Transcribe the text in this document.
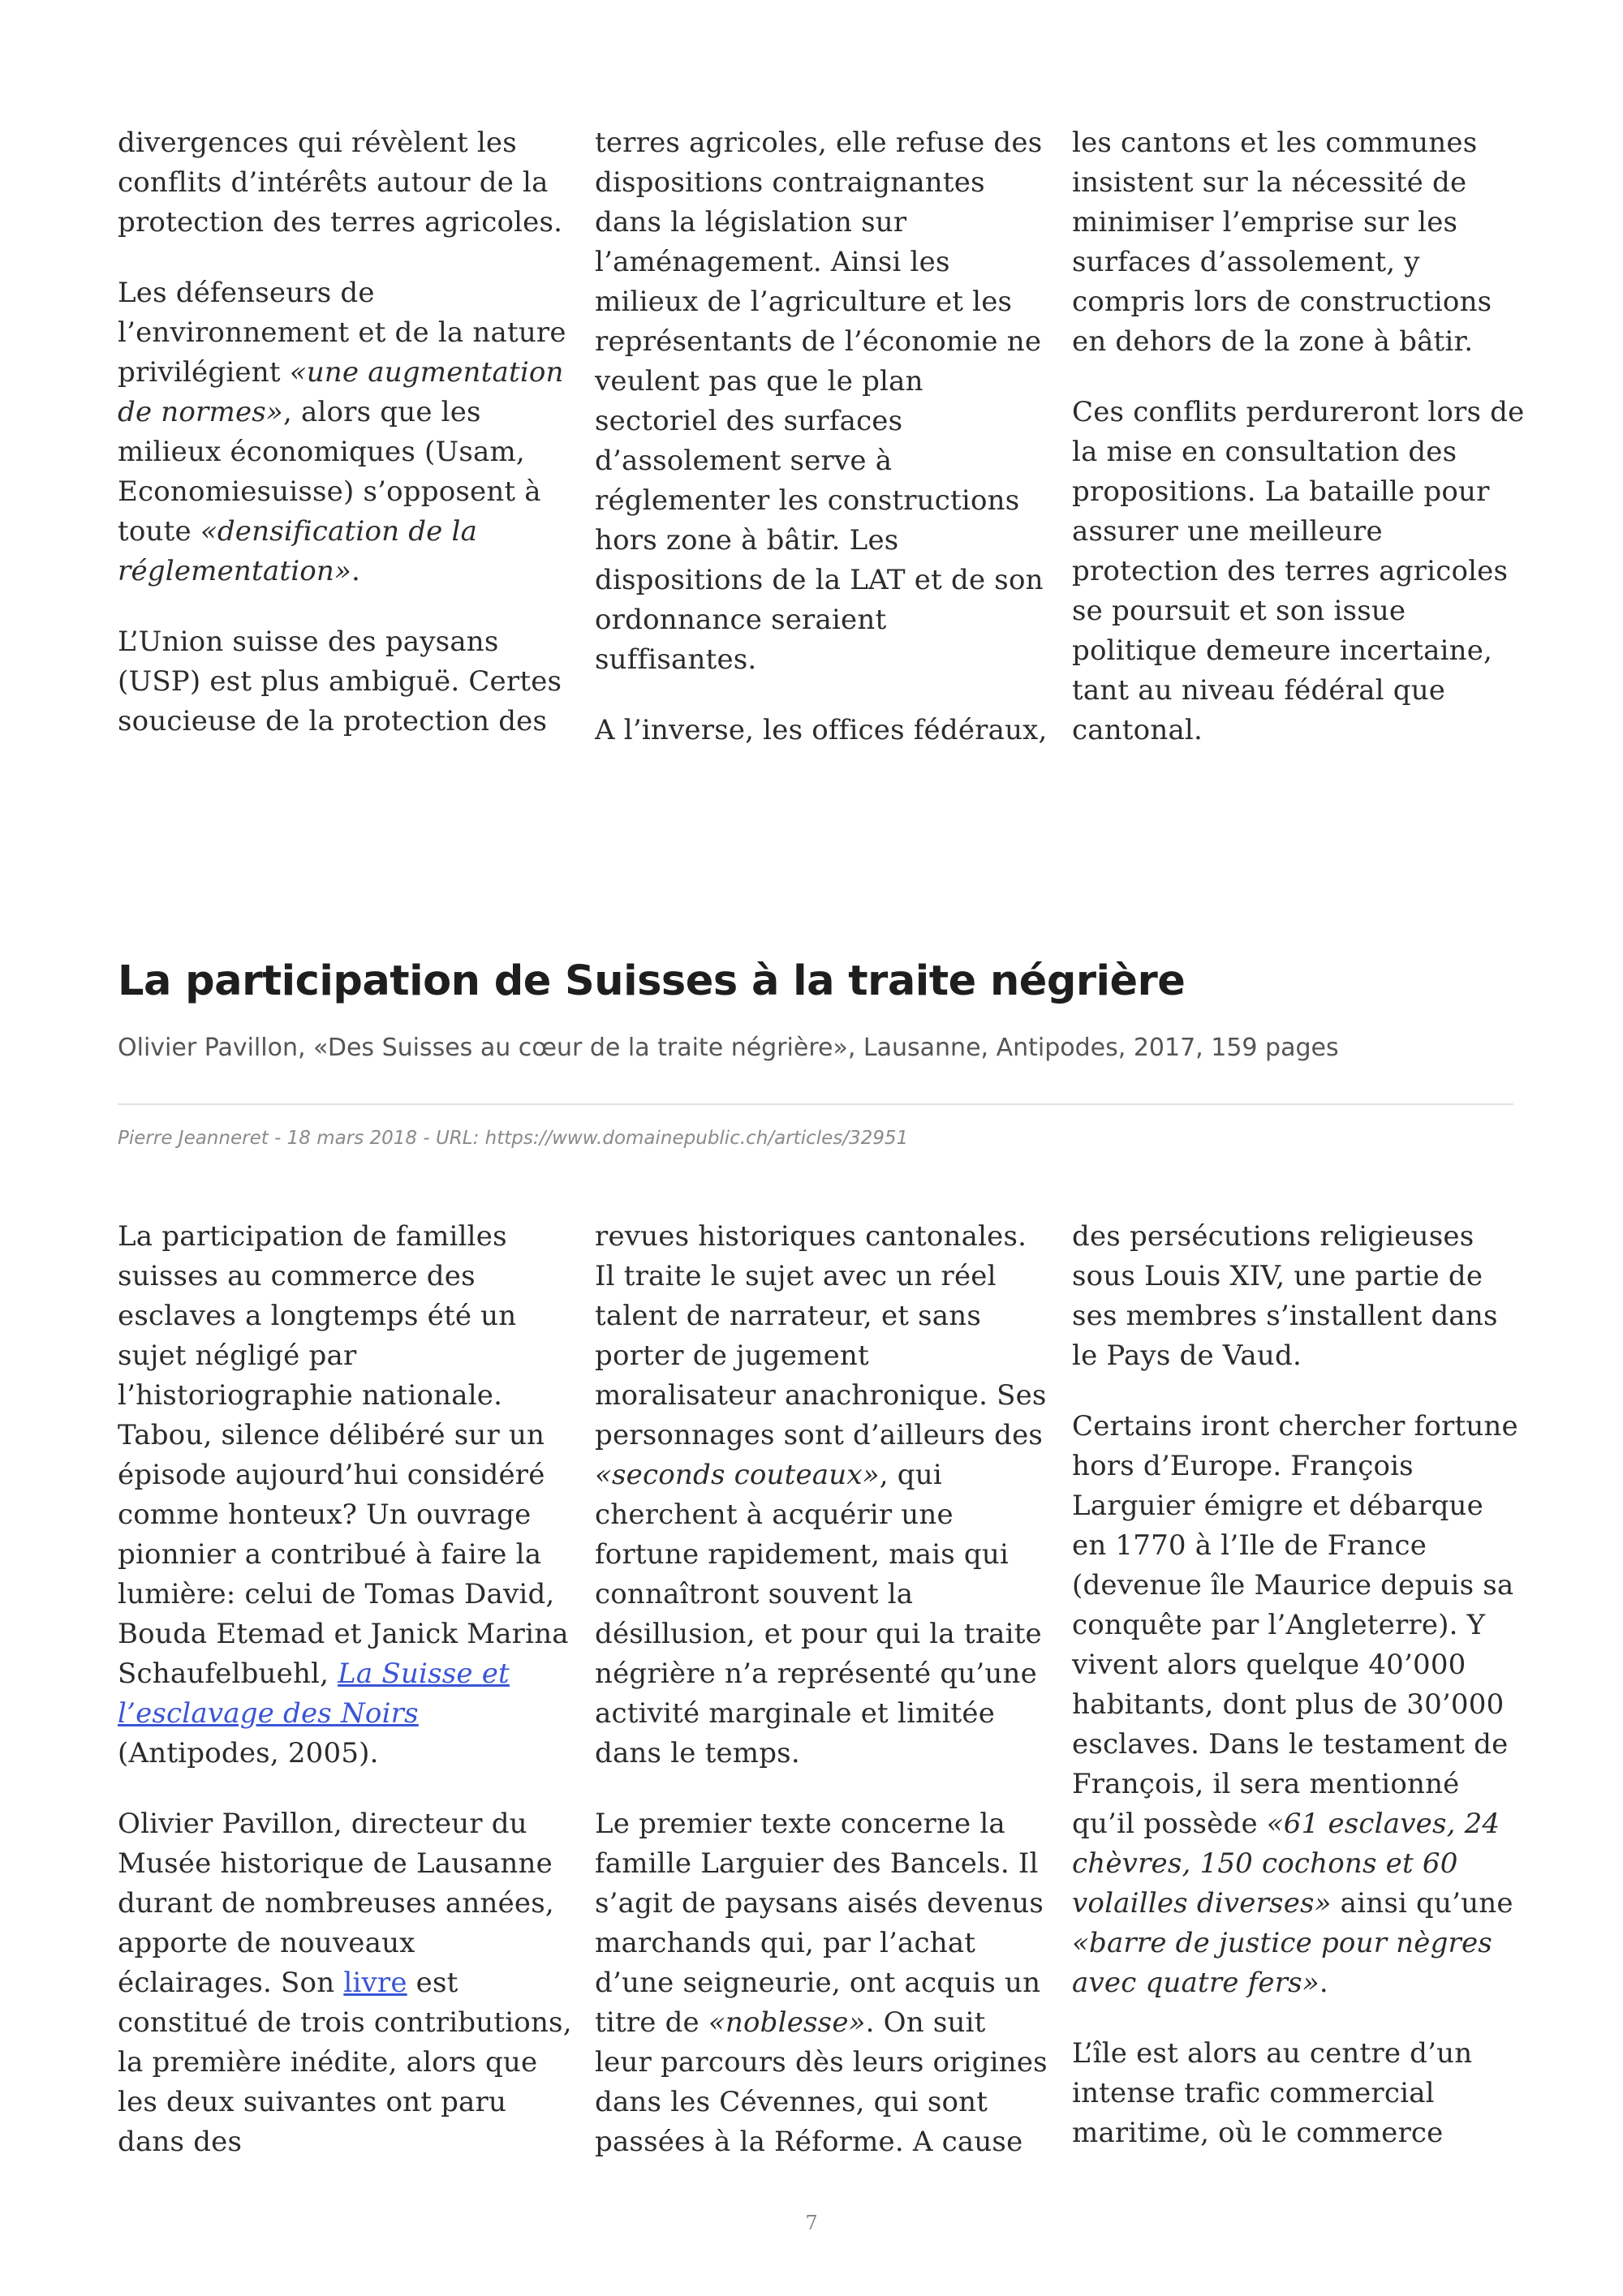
divergences qui révèlent les conflits d’intérêts autour de la protection des terres agricoles.

Les défenseurs de l’environnement et de la nature privilégient «une augmentation de normes», alors que les milieux économiques (Usam, Economiesuisse) s’opposent à toute «densification de la réglementation».

L’Union suisse des paysans (USP) est plus ambiguë. Certes soucieuse de la protection des

terres agricoles, elle refuse des dispositions contraignantes dans la législation sur l’aménagement. Ainsi les milieux de l’agriculture et les représentants de l’économie ne veulent pas que le plan sectoriel des surfaces d’assolement serve à réglementer les constructions hors zone à bâtir. Les dispositions de la LAT et de son ordonnance seraient suffisantes.

A l’inverse, les offices fédéraux,

les cantons et les communes insistent sur la nécessité de minimiser l’emprise sur les surfaces d’assolement, y compris lors de constructions en dehors de la zone à bâtir.

Ces conflits perdureront lors de la mise en consultation des propositions. La bataille pour assurer une meilleure protection des terres agricoles se poursuit et son issue politique demeure incertaine, tant au niveau fédéral que cantonal.

La participation de Suisses à la traite négrière

Olivier Pavillon, «Des Suisses au cœur de la traite négrière», Lausanne, Antipodes, 2017, 159 pages

Pierre Jeanneret - 18 mars 2018 - URL: https://www.domainepublic.ch/articles/32951

La participation de familles suisses au commerce des esclaves a longtemps été un sujet négligé par l’historiographie nationale. Tabou, silence délibéré sur un épisode aujourd’hui considéré comme honteux? Un ouvrage pionnier a contribué à faire la lumière: celui de Tomas David, Bouda Etemad et Janick Marina Schaufelbuehl, La Suisse et l’esclavage des Noirs (Antipodes, 2005).

Olivier Pavillon, directeur du Musée historique de Lausanne durant de nombreuses années, apporte de nouveaux éclairages. Son livre est constitué de trois contributions, la première inédite, alors que les deux suivantes ont paru dans des

revues historiques cantonales. Il traite le sujet avec un réel talent de narrateur, et sans porter de jugement moralisateur anachronique. Ses personnages sont d’ailleurs des «seconds couteaux», qui cherchent à acquérir une fortune rapidement, mais qui connaîtront souvent la désillusion, et pour qui la traite négrière n’a représenté qu’une activité marginale et limitée dans le temps.

Le premier texte concerne la famille Larguier des Bancels. Il s’agit de paysans aisés devenus marchands qui, par l’achat d’une seigneurie, ont acquis un titre de «noblesse». On suit leur parcours dès leurs origines dans les Cévennes, qui sont passées à la Réforme. A cause

des persécutions religieuses sous Louis XIV, une partie de ses membres s’installent dans le Pays de Vaud.

Certains iront chercher fortune hors d’Europe. François Larguier émigre et débarque en 1770 à l’Ile de France (devenue île Maurice depuis sa conquête par l’Angleterre). Y vivent alors quelque 40’000 habitants, dont plus de 30’000 esclaves. Dans le testament de François, il sera mentionné qu’il possède «61 esclaves, 24 chèvres, 150 cochons et 60 volailles diverses» ainsi qu’une «barre de justice pour nègres avec quatre fers».

L’île est alors au centre d’un intense trafic commercial maritime, où le commerce

7
